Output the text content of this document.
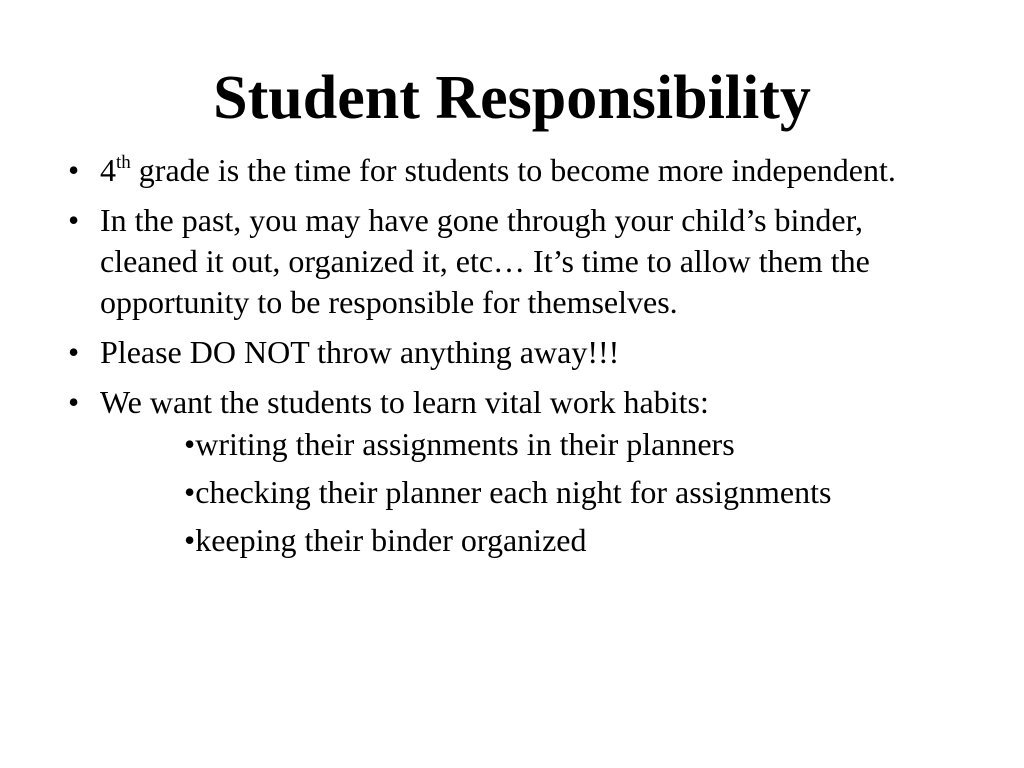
Student Responsibility
• 4th grade is the time for students to become more independent.
• In the past, you may have gone through your child’s binder, cleaned it out, organized it, etc… It’s time to allow them the opportunity to be responsible for themselves.
• Please DO NOT throw anything away!!!
• We want the students to learn vital work habits:
•writing their assignments in their planners
•checking their planner each night for assignments
•keeping their binder organized
